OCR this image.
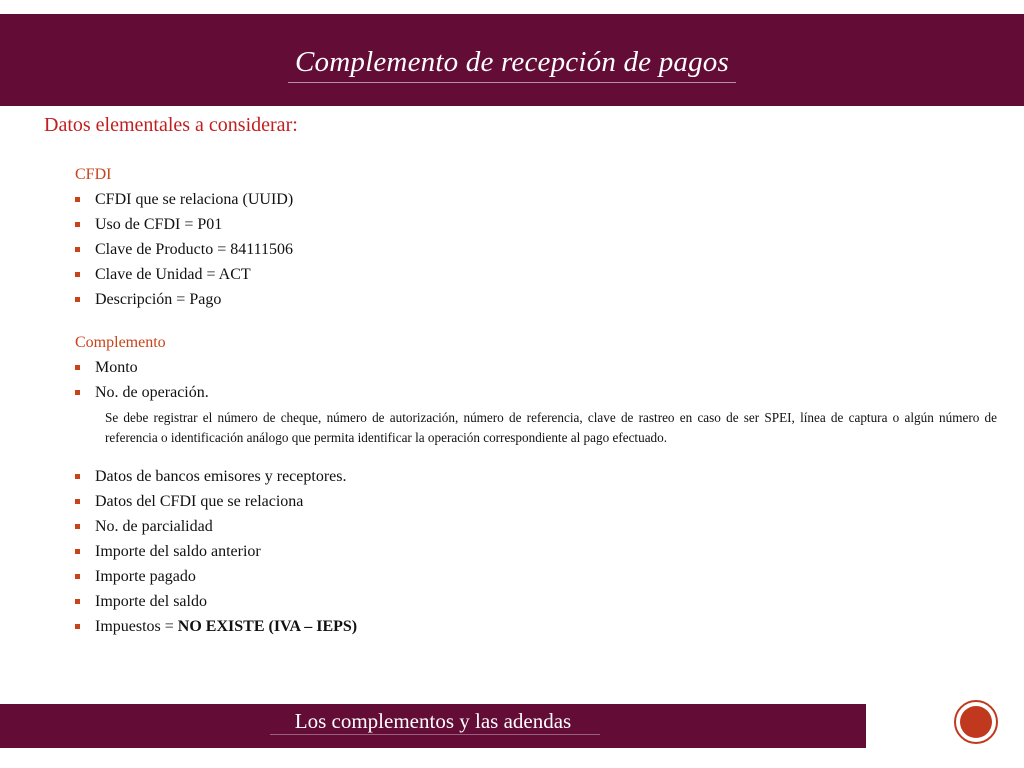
Complemento de recepción de pagos
Datos elementales a considerar:
CFDI
CFDI que se relaciona (UUID)
Uso de CFDI = P01
Clave de Producto = 84111506
Clave de Unidad = ACT
Descripción = Pago
Complemento
Monto
No. de operación.
Se debe registrar el número de cheque, número de autorización, número de referencia, clave de rastreo en caso de ser SPEI, línea de captura o algún número de referencia o identificación análogo que permita identificar la operación correspondiente al pago efectuado.
Datos de bancos emisores y receptores.
Datos del CFDI que se relaciona
No. de parcialidad
Importe del saldo anterior
Importe pagado
Importe del saldo
Impuestos = NO EXISTE (IVA – IEPS)
Los complementos y las adendas
